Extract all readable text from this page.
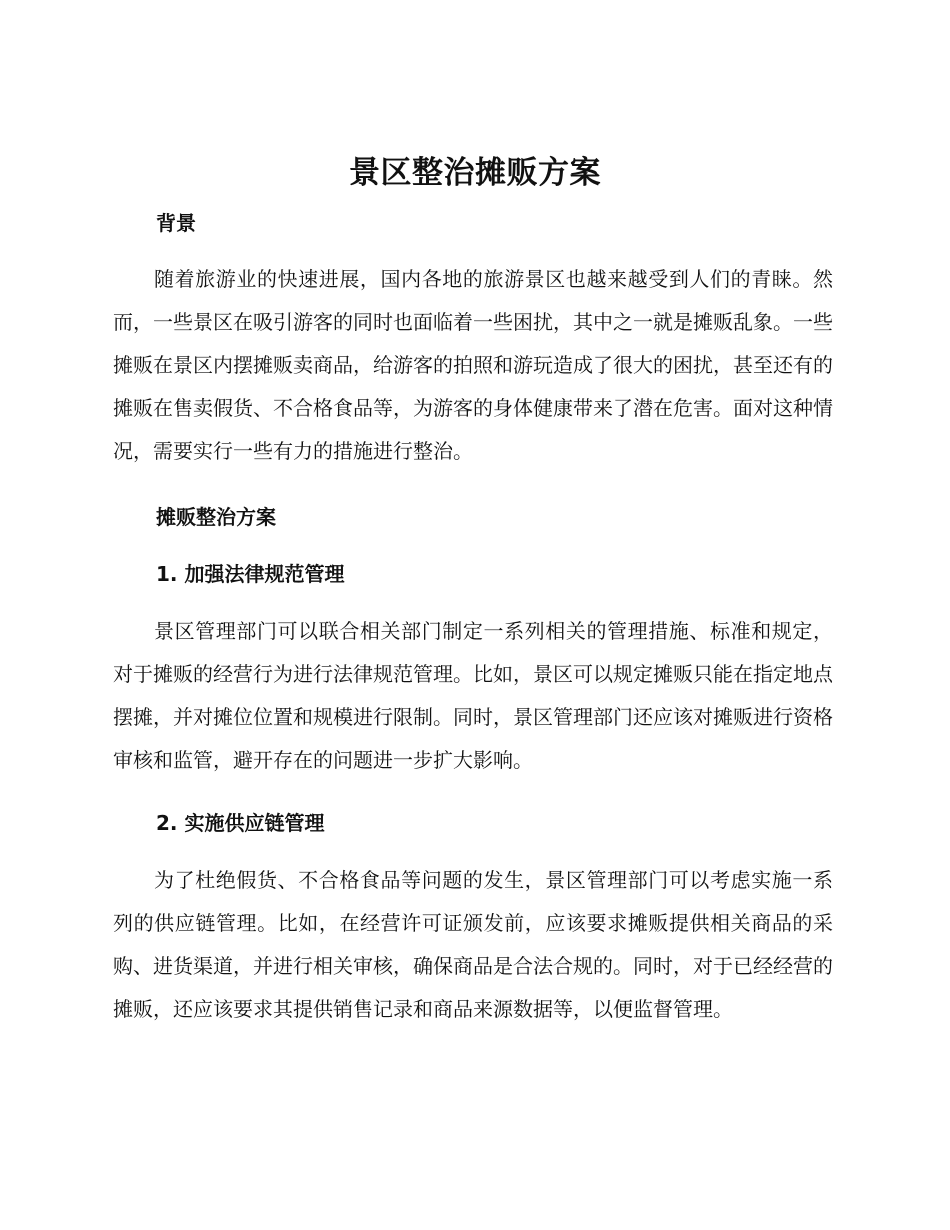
景区整治摊贩方案
背景

随着旅游业的快速进展，国内各地的旅游景区也越来越受到人们的青睐。然而，一些景区在吸引游客的同时也面临着一些困扰，其中之一就是摊贩乱象。一些摊贩在景区内摆摊贩卖商品，给游客的拍照和游玩造成了很大的困扰，甚至还有的摊贩在售卖假货、不合格食品等，为游客的身体健康带来了潜在危害。面对这种情况，需要实行一些有力的措施进行整治。

摊贩整治方案
1. 加强法律规范管理

景区管理部门可以联合相关部门制定一系列相关的管理措施、标准和规定，对于摊贩的经营行为进行法律规范管理。比如，景区可以规定摊贩只能在指定地点摆摊，并对摊位位置和规模进行限制。同时，景区管理部门还应该对摊贩进行资格审核和监管，避开存在的问题进一步扩大影响。

2. 实施供应链管理

为了杜绝假货、不合格食品等问题的发生，景区管理部门可以考虑实施一系列的供应链管理。比如，在经营许可证颁发前，应该要求摊贩提供相关商品的采购、进货渠道，并进行相关审核，确保商品是合法合规的。同时，对于已经经营的摊贩，还应该要求其提供销售记录和商品来源数据等，以便监督管理。
